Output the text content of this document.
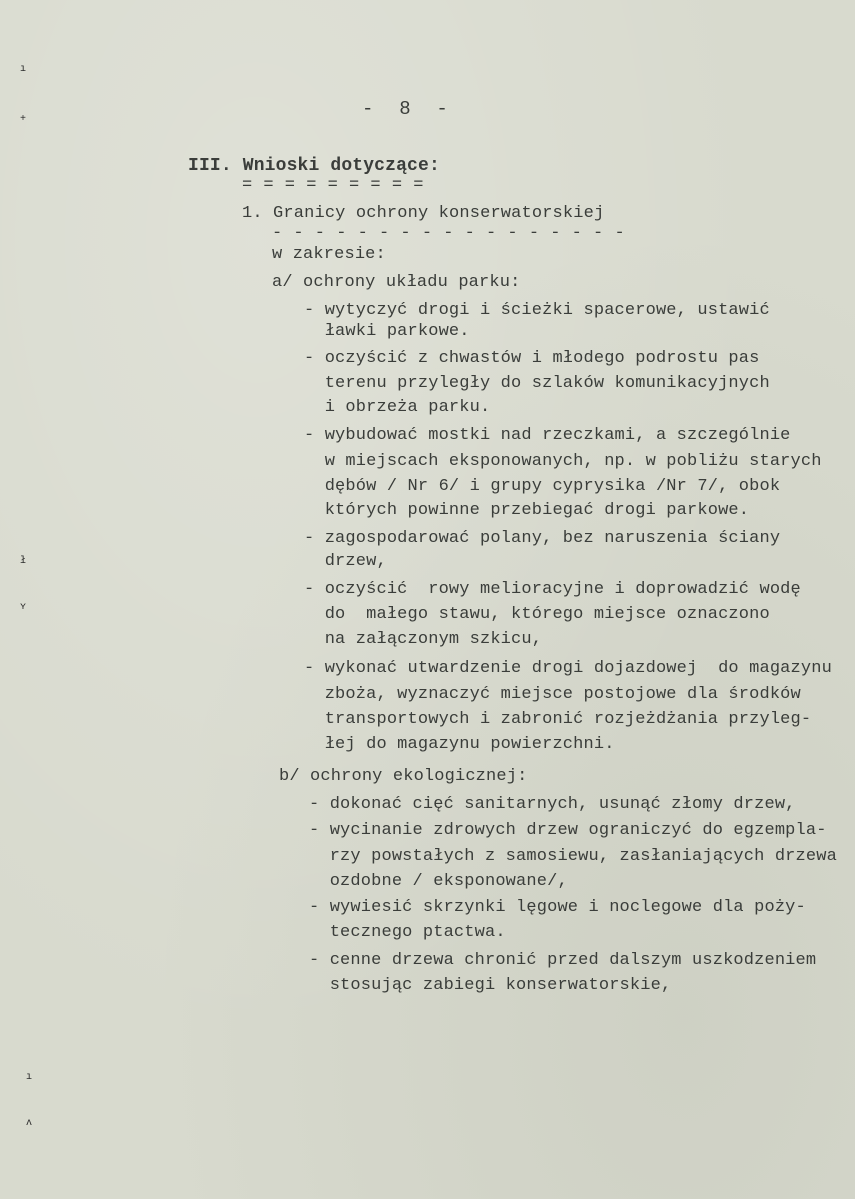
ı
+
ł
ʏ
ı
ʌ
-  8  -
III. Wnioski dotyczące:
= = = = = = = = =
1. Granicy ochrony konserwatorskiej
- - - - - - - - - - - - - - - - -
w zakresie:
a/ ochrony układu parku:
- wytyczyć drogi i ścieżki spacerowe, ustawić
ławki parkowe.
- oczyścić z chwastów i młodego podrostu pas
terenu przyległy do szlaków komunikacyjnych
i obrzeża parku.
- wybudować mostki nad rzeczkami, a szczególnie
w miejscach eksponowanych, np. w pobliżu starych
dębów / Nr 6/ i grupy cyprysika /Nr 7/, obok
których powinne przebiegać drogi parkowe.
- zagospodarować polany, bez naruszenia ściany
drzew,
- oczyścić  rowy melioracyjne i doprowadzić wodę
do  małego stawu, którego miejsce oznaczono
na załączonym szkicu,
- wykonać utwardzenie drogi dojazdowej  do magazynu
zboża, wyznaczyć miejsce postojowe dla środków
transportowych i zabronić rozjeżdżania przyleg-
łej do magazynu powierzchni.
b/ ochrony ekologicznej:
- dokonać cięć sanitarnych, usunąć złomy drzew,
- wycinanie zdrowych drzew ograniczyć do egzempla-
rzy powstałych z samosiewu, zasłaniających drzewa
ozdobne / eksponowane/,
- wywiesić skrzynki lęgowe i noclegowe dla poży-
tecznego ptactwa.
- cenne drzewa chronić przed dalszym uszkodzeniem
stosując zabiegi konserwatorskie,
